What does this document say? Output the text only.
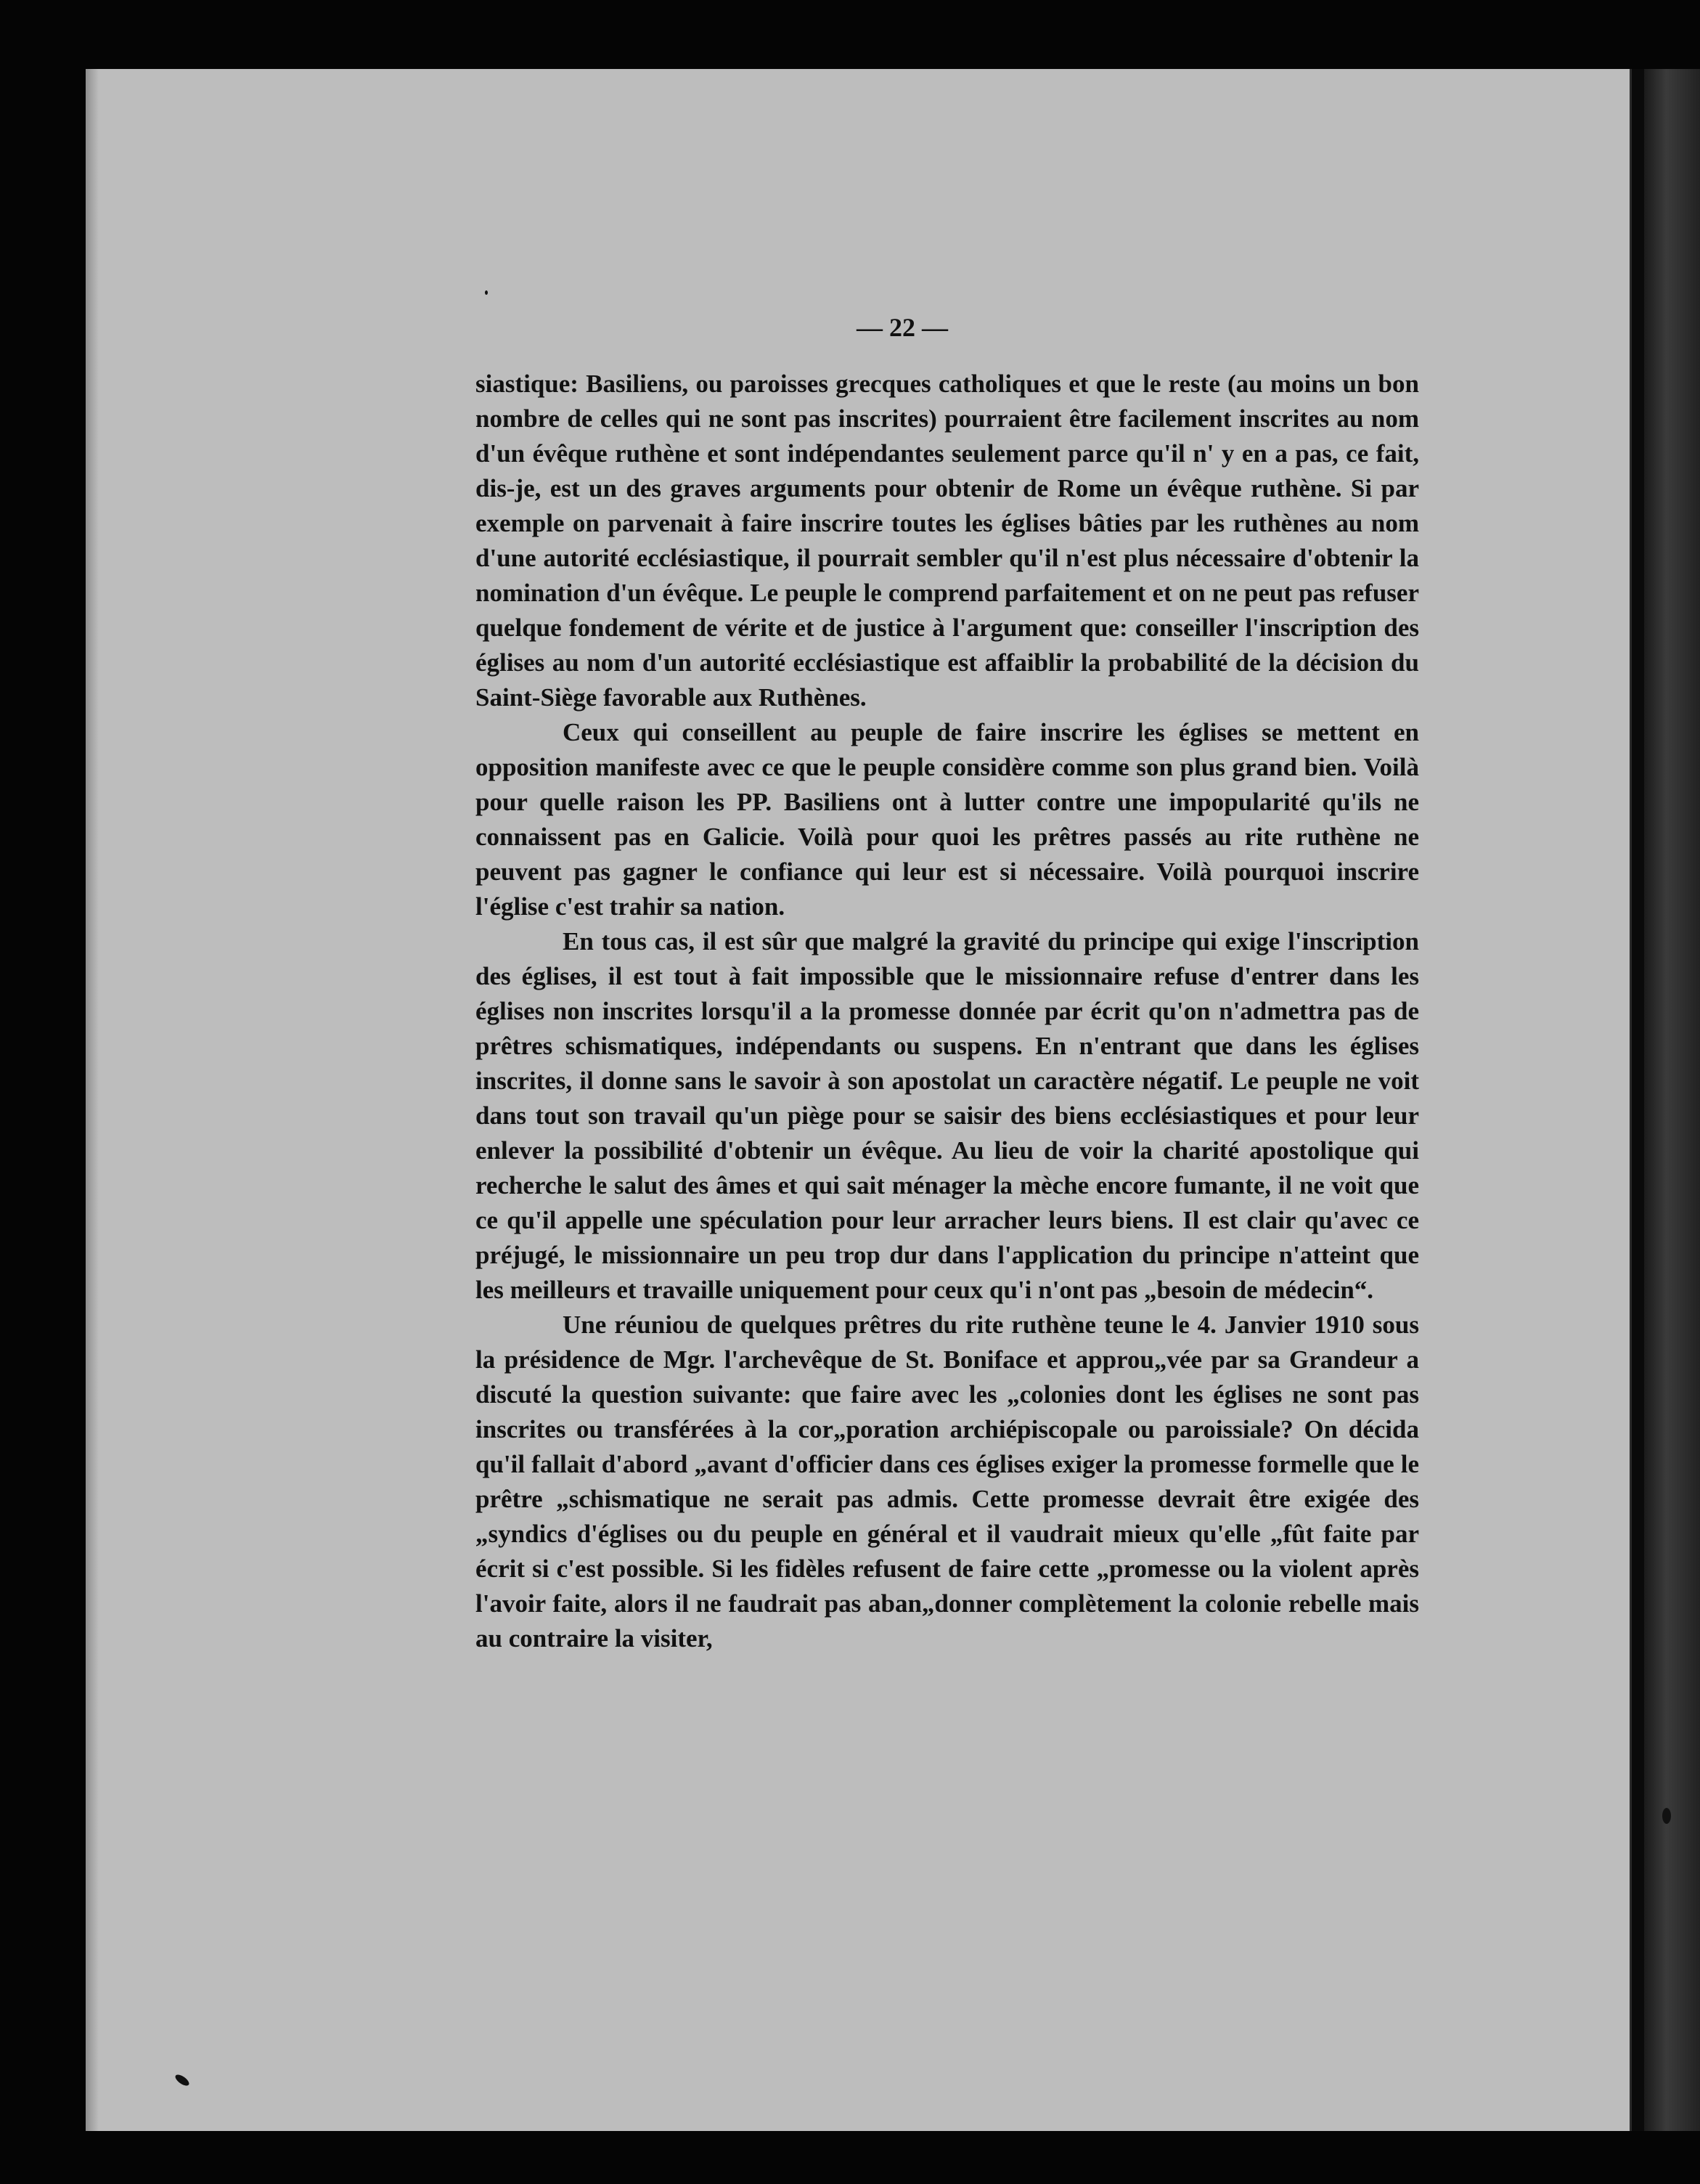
— 22 —

siastique: Basiliens, ou paroisses grecques catholiques et que le reste (au moins un bon nombre de celles qui ne sont pas inscrites) pourraient être facilement inscrites au nom d'un évêque ruthène et sont indépendantes seulement parce qu'il n' y en a pas, ce fait, dis-je, est un des graves arguments pour obtenir de Rome un évêque ruthène. Si par exemple on parvenait à faire inscrire toutes les églises bâties par les ruthènes au nom d'une autorité ecclésiastique, il pourrait sembler qu'il n'est plus nécessaire d'obtenir la nomination d'un évêque. Le peuple le comprend parfaitement et on ne peut pas refuser quelque fondement de vérite et de justice à l'argument que: conseiller l'inscription des églises au nom d'un autorité ecclésiastique est affaiblir la probabilité de la décision du Saint-Siège favorable aux Ruthènes.

Ceux qui conseillent au peuple de faire inscrire les églises se mettent en opposition manifeste avec ce que le peuple considère comme son plus grand bien. Voilà pour quelle raison les PP. Basiliens ont à lutter contre une impopularité qu'ils ne connaissent pas en Galicie. Voilà pour quoi les prêtres passés au rite ruthène ne peuvent pas gagner le confiance qui leur est si nécessaire. Voilà pourquoi inscrire l'église c'est trahir sa nation.

En tous cas, il est sûr que malgré la gravité du principe qui exige l'inscription des églises, il est tout à fait impossible que le missionnaire refuse d'entrer dans les églises non inscrites lorsqu'il a la promesse donnée par écrit qu'on n'admettra pas de prêtres schismatiques, indépendants ou suspens. En n'entrant que dans les églises inscrites, il donne sans le savoir à son apostolat un caractère négatif. Le peuple ne voit dans tout son travail qu'un piège pour se saisir des biens ecclésiastiques et pour leur enlever la possibilité d'obtenir un évêque. Au lieu de voir la charité apostolique qui recherche le salut des âmes et qui sait ménager la mèche encore fumante, il ne voit que ce qu'il appelle une spéculation pour leur arracher leurs biens. Il est clair qu'avec ce préjugé, le missionnaire un peu trop dur dans l'application du principe n'atteint que les meilleurs et travaille uniquement pour ceux qu'i n'ont pas „besoin de médecin“.

Une réuniou de quelques prêtres du rite ruthène teune le 4. Janvier 1910 sous la présidence de Mgr. l'archevêque de St. Boniface et approu„vée par sa Grandeur a discuté la question suivante: que faire avec les „colonies dont les églises ne sont pas inscrites ou transférées à la cor„poration archiépiscopale ou paroissiale? On décida qu'il fallait d'abord „avant d'officier dans ces églises exiger la promesse formelle que le prêtre „schismatique ne serait pas admis. Cette promesse devrait être exigée des „syndics d'églises ou du peuple en général et il vaudrait mieux qu'elle „fût faite par écrit si c'est possible. Si les fidèles refusent de faire cette „promesse ou la violent après l'avoir faite, alors il ne faudrait pas aban„donner complètement la colonie rebelle mais au contraire la visiter,
